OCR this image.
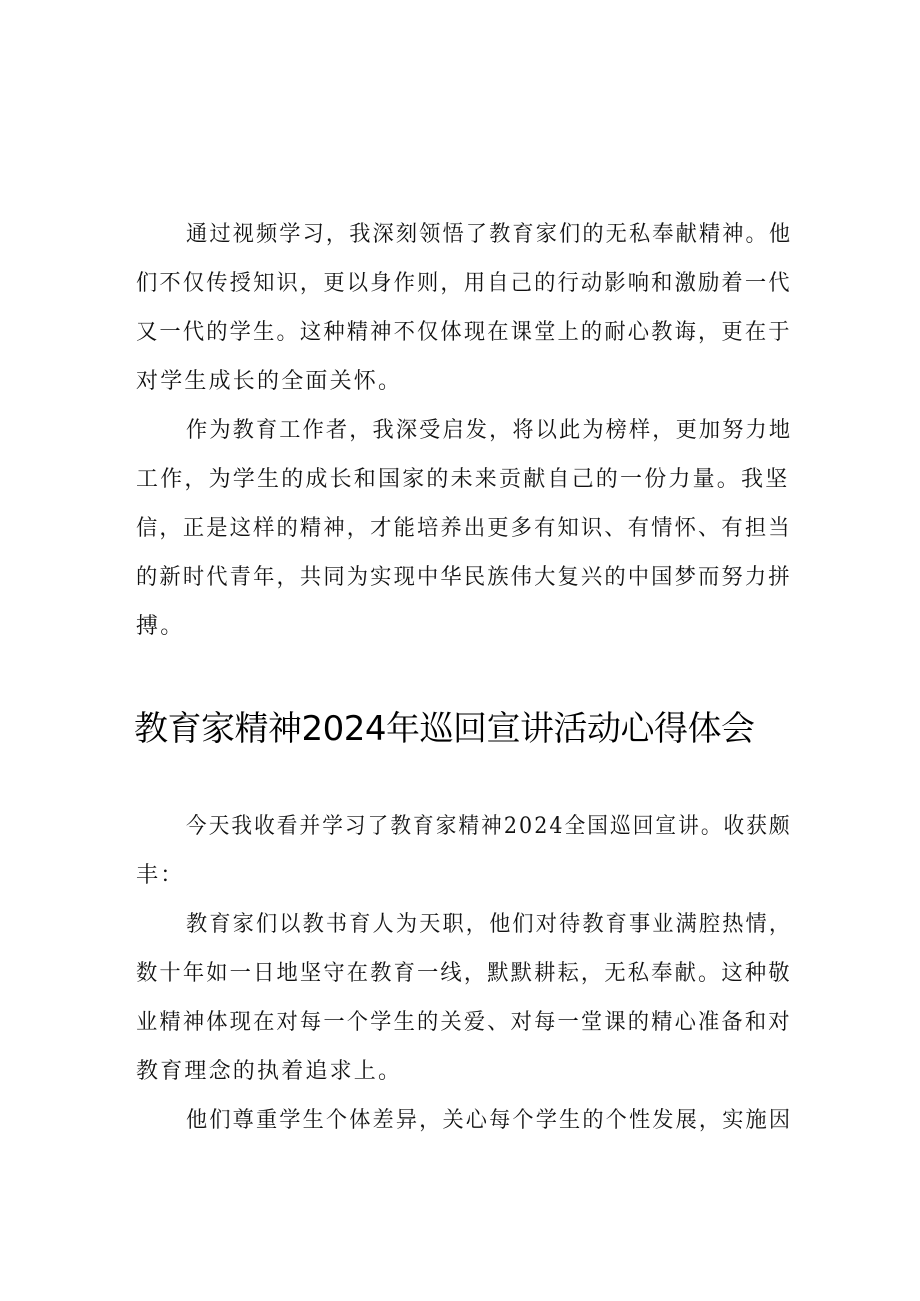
通过视频学习，我深刻领悟了教育家们的无私奉献精神。他

们不仅传授知识，更以身作则，用自己的行动影响和激励着一代

又一代的学生。这种精神不仅体现在课堂上的耐心教诲，更在于

对学生成长的全面关怀。

作为教育工作者，我深受启发，将以此为榜样，更加努力地

工作，为学生的成长和国家的未来贡献自己的一份力量。我坚

信，正是这样的精神，才能培养出更多有知识、有情怀、有担当

的新时代青年，共同为实现中华民族伟大复兴的中国梦而努力拼

搏。

教育家精神2024年巡回宣讲活动心得体会

今天我收看并学习了教育家精神2024全国巡回宣讲。收获颇

丰：

教育家们以教书育人为天职，他们对待教育事业满腔热情，

数十年如一日地坚守在教育一线，默默耕耘，无私奉献。这种敬

业精神体现在对每一个学生的关爱、对每一堂课的精心准备和对

教育理念的执着追求上。

他们尊重学生个体差异，关心每个学生的个性发展，实施因
